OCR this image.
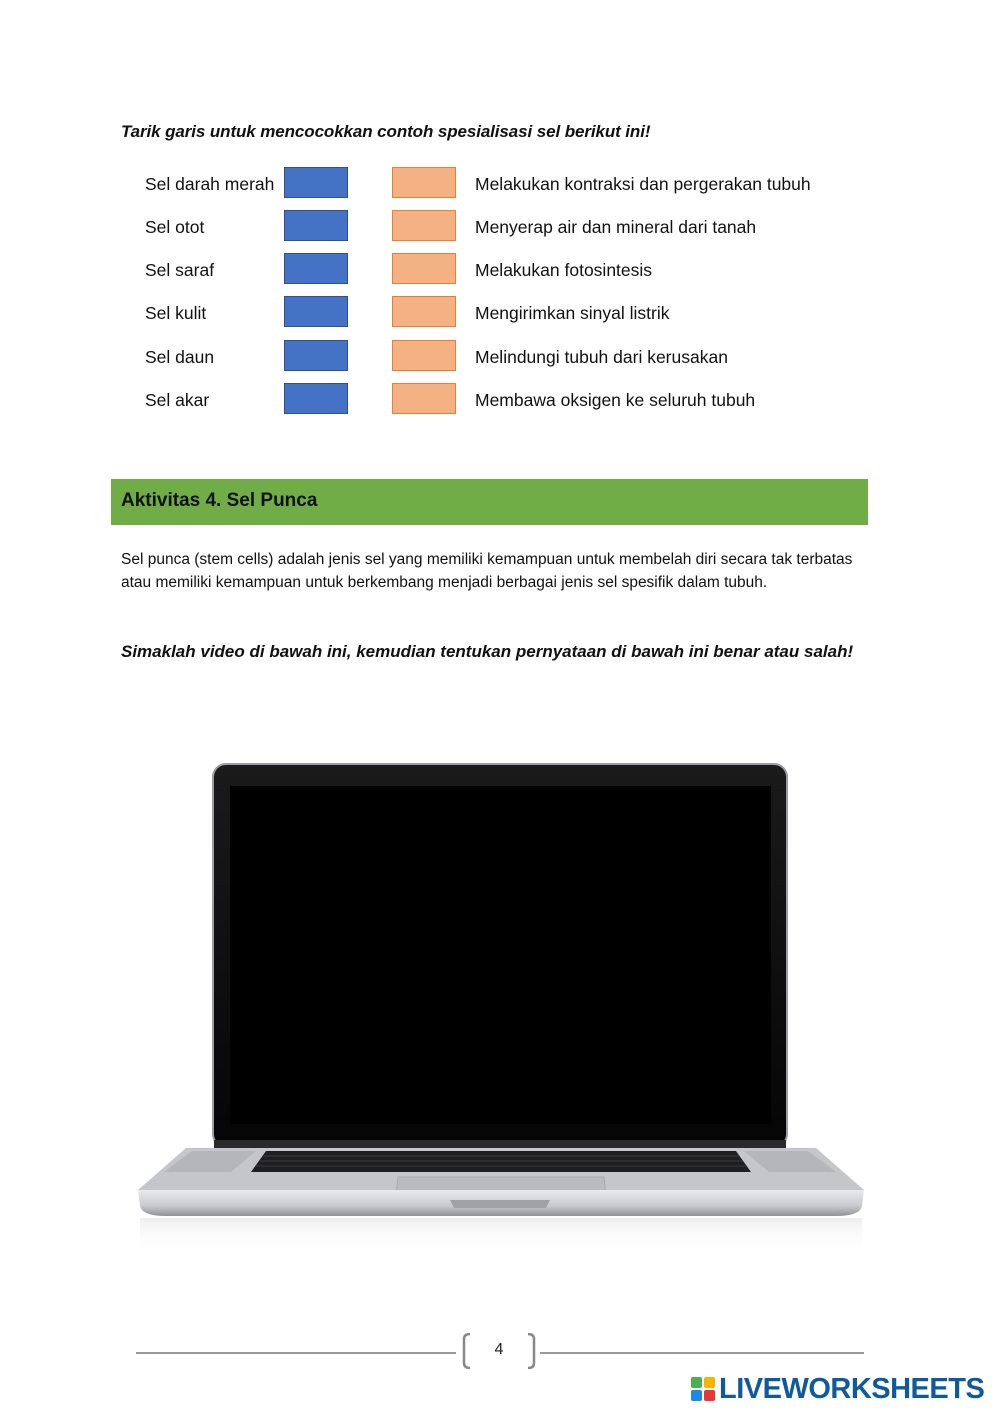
Tarik garis untuk mencocokkan contoh spesialisasi sel berikut ini!
Sel darah merah	Melakukan kontraksi dan pergerakan tubuh
Sel otot	Menyerap air dan mineral dari tanah
Sel saraf	Melakukan fotosintesis
Sel kulit	Mengirimkan sinyal listrik
Sel daun	Melindungi tubuh dari kerusakan
Sel akar	Membawa oksigen ke seluruh tubuh
Aktivitas 4. Sel Punca
Sel punca (stem cells) adalah jenis sel yang memiliki kemampuan untuk membelah diri secara tak terbatas atau memiliki kemampuan untuk berkembang menjadi berbagai jenis sel spesifik dalam tubuh.
Simaklah video di bawah ini, kemudian tentukan pernyataan di bawah ini benar atau salah!
4
LIVEWORKSHEETS
